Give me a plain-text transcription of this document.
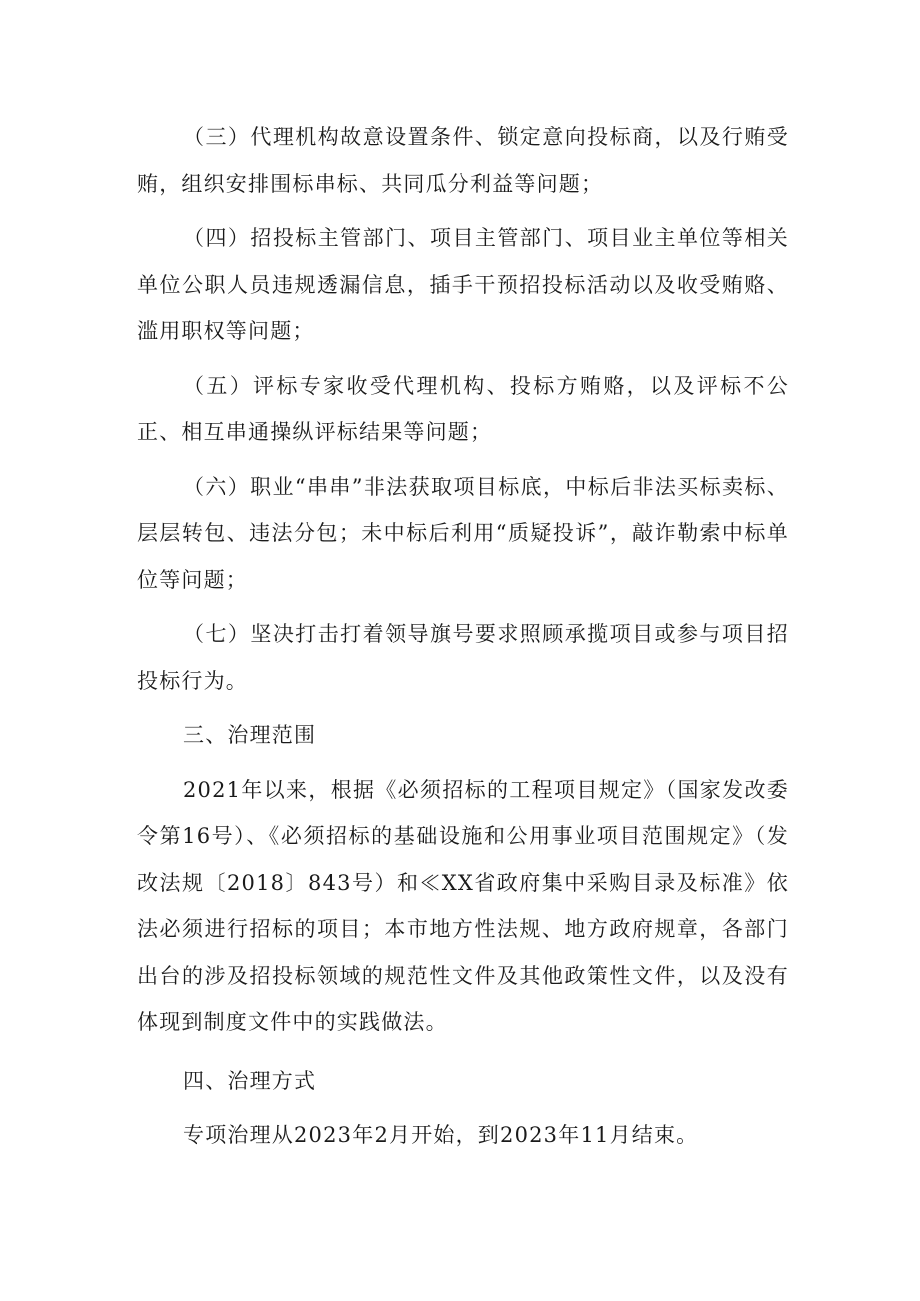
（三）代理机构故意设置条件、锁定意向投标商，以及行贿受贿，组织安排围标串标、共同瓜分利益等问题；

（四）招投标主管部门、项目主管部门、项目业主单位等相关单位公职人员违规透漏信息，插手干预招投标活动以及收受贿赂、滥用职权等问题；

（五）评标专家收受代理机构、投标方贿赂，以及评标不公正、相互串通操纵评标结果等问题；

（六）职业“串串”非法获取项目标底，中标后非法买标卖标、层层转包、违法分包；未中标后利用“质疑投诉”，敲诈勒索中标单位等问题；

（七）坚决打击打着领导旗号要求照顾承揽项目或参与项目招投标行为。

三、治理范围

2021年以来，根据《必须招标的工程项目规定》（国家发改委令第16号）、《必须招标的基础设施和公用事业项目范围规定》（发改法规〔2018〕843号）和≪XX省政府集中采购目录及标准》依法必须进行招标的项目；本市地方性法规、地方政府规章，各部门出台的涉及招投标领域的规范性文件及其他政策性文件，以及没有体现到制度文件中的实践做法。

四、治理方式

专项治理从2023年2月开始，到2023年11月结束。
